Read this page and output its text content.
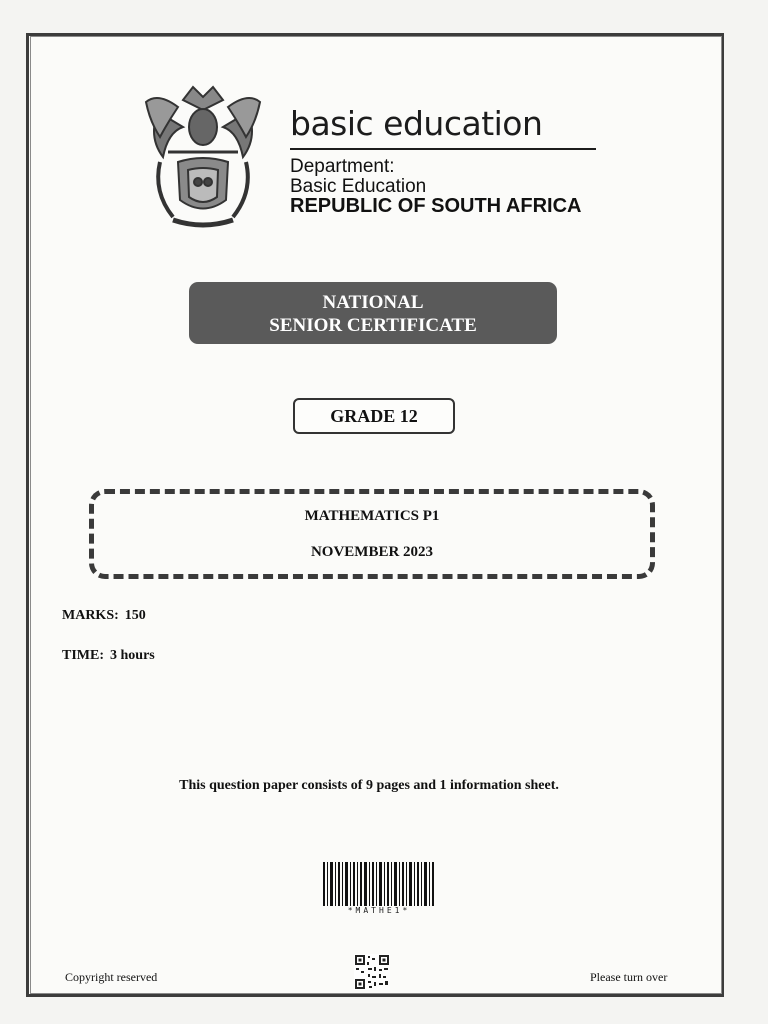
basic education
Department:
Basic Education
REPUBLIC OF SOUTH AFRICA
NATIONAL
SENIOR CERTIFICATE
GRADE 12
MATHEMATICS P1
NOVEMBER 2023
MARKS: 150
TIME: 3 hours
This question paper consists of 9 pages and 1 information sheet.
*MATHE1*
Copyright reserved	Please turn over
